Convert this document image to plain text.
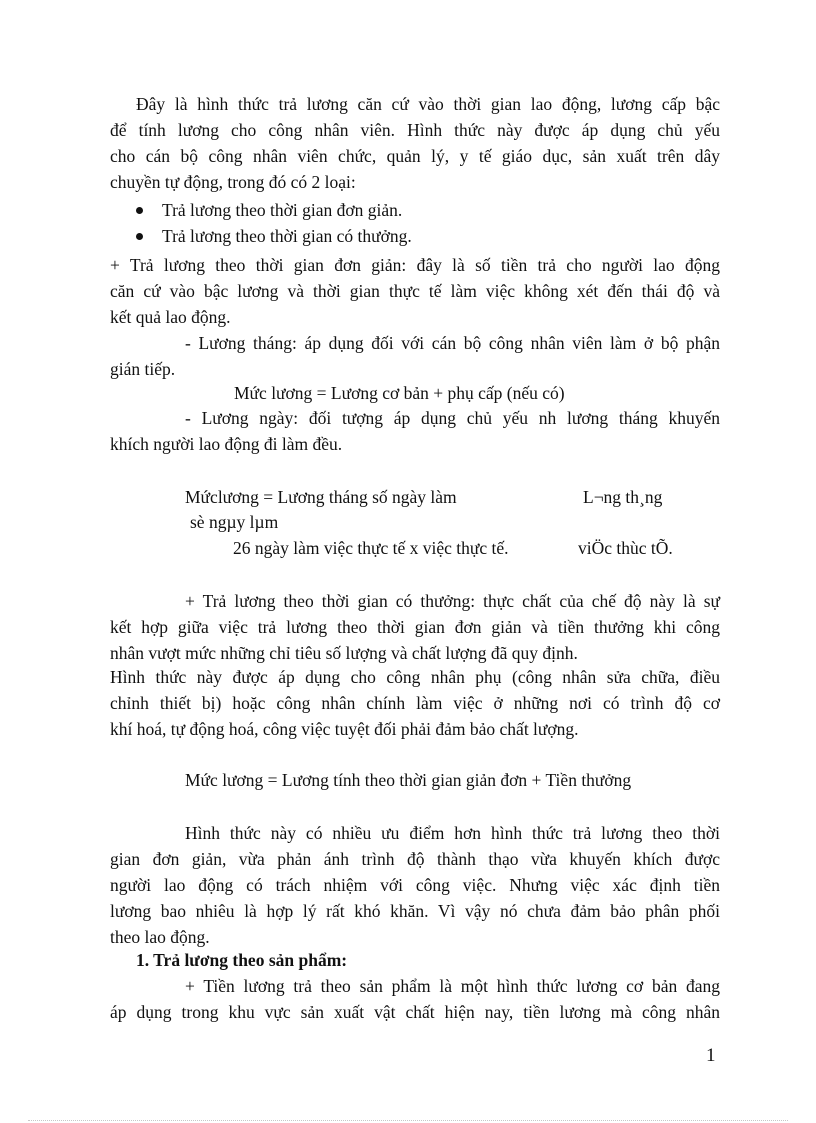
Đây là hình thức trả lương căn cứ vào thời gian lao động, lương cấp bậc
để tính lương cho công nhân viên. Hình thức này được áp dụng chủ yếu
cho cán bộ công nhân viên chức, quản lý, y tế giáo dục, sản xuất trên dây
chuyền tự động, trong đó có 2 loại:
Trả lương theo thời gian đơn giản.
Trả lương theo thời gian có thưởng.
+ Trả lương theo thời gian đơn giản: đây là số tiền trả cho người lao động
căn cứ vào bậc lương và thời gian thực tế làm việc không xét đến thái độ và
kết quả lao động.
- Lương tháng: áp dụng đối với cán bộ công nhân viên làm ở bộ phận
gián tiếp.
Mức lương = Lương cơ bản + phụ cấp (nếu có)
- Lương ngày: đối tượng áp dụng chủ yếu nh lương tháng khuyến
khích người lao động đi làm đều.
Mứclương = Lương tháng số ngày làm	L¬ng th¸ng
sè ngµy lµm
26 ngày làm việc thực tế x việc thực tế.	viÖc thùc tÕ.
+ Trả lương theo thời gian có thưởng: thực chất của chế độ này là sự
kết hợp giữa việc trả lương theo thời gian đơn giản và tiền thưởng khi công
nhân vượt mức những chỉ tiêu số lượng và chất lượng đã quy định.
Hình thức này được áp dụng cho công nhân phụ (công nhân sửa chữa, điều
chỉnh thiết bị) hoặc công nhân chính làm việc ở những nơi có trình độ cơ
khí hoá, tự động hoá, công việc tuyệt đối phải đảm bảo chất lượng.
Mức lương = Lương tính theo thời gian giản đơn + Tiền thưởng
Hình thức này có nhiều ưu điểm hơn hình thức trả lương theo thời
gian đơn giản, vừa phản ánh trình độ thành thạo vừa khuyến khích được
người lao động có trách nhiệm với công việc. Nhưng việc xác định tiền
lương bao nhiêu là hợp lý rất khó khăn. Vì vậy nó chưa đảm bảo phân phối
theo lao động.
1. Trả lương theo sản phẩm:
+ Tiền lương trả theo sản phẩm là một hình thức lương cơ bản đang
áp dụng trong khu vực sản xuất vật chất hiện nay, tiền lương mà công nhân
1
